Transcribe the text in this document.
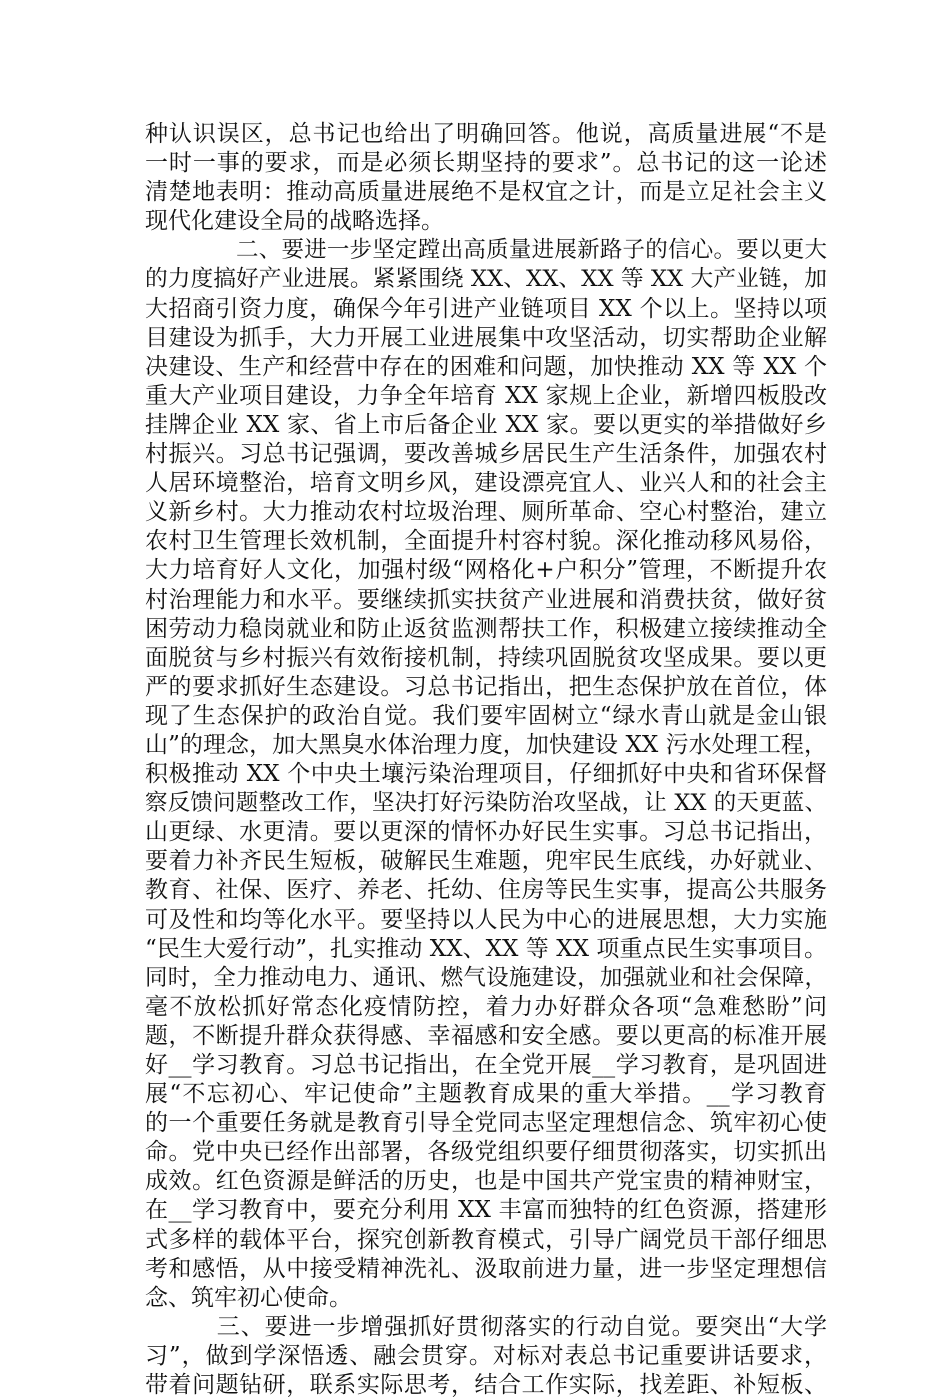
种认识误区，总书记也给出了明确回答。他说，高质量进展“不是
一时一事的要求，而是必须长期坚持的要求”。总书记的这一论述
清楚地表明：推动高质量进展绝不是权宜之计，而是立足社会主义
现代化建设全局的战略选择。
　　　　二、要进一步坚定蹚出高质量进展新路子的信心。要以更大
的力度搞好产业进展。紧紧围绕 XX、XX、XX 等 XX 大产业链，加
大招商引资力度，确保今年引进产业链项目 XX 个以上。坚持以项
目建设为抓手，大力开展工业进展集中攻坚活动，切实帮助企业解
决建设、生产和经营中存在的困难和问题，加快推动 XX 等 XX 个
重大产业项目建设，力争全年培育 XX 家规上企业，新增四板股改
挂牌企业 XX 家、省上市后备企业 XX 家。要以更实的举措做好乡
村振兴。习总书记强调，要改善城乡居民生产生活条件，加强农村
人居环境整治，培育文明乡风，建设漂亮宜人、业兴人和的社会主
义新乡村。大力推动农村垃圾治理、厕所革命、空心村整治，建立
农村卫生管理长效机制，全面提升村容村貌。深化推动移风易俗，
大力培育好人文化，加强村级“网格化+户积分”管理，不断提升农
村治理能力和水平。要继续抓实扶贫产业进展和消费扶贫，做好贫
困劳动力稳岗就业和防止返贫监测帮扶工作，积极建立接续推动全
面脱贫与乡村振兴有效衔接机制，持续巩固脱贫攻坚成果。要以更
严的要求抓好生态建设。习总书记指出，把生态保护放在首位，体
现了生态保护的政治自觉。我们要牢固树立“绿水青山就是金山银
山”的理念，加大黑臭水体治理力度，加快建设 XX 污水处理工程，
积极推动 XX 个中央土壤污染治理项目，仔细抓好中央和省环保督
察反馈问题整改工作，坚决打好污染防治攻坚战，让 XX 的天更蓝、
山更绿、水更清。要以更深的情怀办好民生实事。习总书记指出，
要着力补齐民生短板，破解民生难题，兜牢民生底线，办好就业、
教育、社保、医疗、养老、托幼、住房等民生实事，提高公共服务
可及性和均等化水平。要坚持以人民为中心的进展思想，大力实施
“民生大爱行动”，扎实推动 XX、XX 等 XX 项重点民生实事项目。
同时，全力推动电力、通讯、燃气设施建设，加强就业和社会保障，
毫不放松抓好常态化疫情防控，着力办好群众各项“急难愁盼”问
题，不断提升群众获得感、幸福感和安全感。要以更高的标准开展
好__学习教育。习总书记指出，在全党开展__学习教育，是巩固进
展“不忘初心、牢记使命”主题教育成果的重大举措。__学习教育
的一个重要任务就是教育引导全党同志坚定理想信念、筑牢初心使
命。党中央已经作出部署，各级党组织要仔细贯彻落实，切实抓出
成效。红色资源是鲜活的历史，也是中国共产党宝贵的精神财宝，
在__学习教育中，要充分利用 XX 丰富而独特的红色资源，搭建形
式多样的载体平台，探究创新教育模式，引导广阔党员干部仔细思
考和感悟，从中接受精神洗礼、汲取前进力量，进一步坚定理想信
念、筑牢初心使命。
　　　三、要进一步增强抓好贯彻落实的行动自觉。要突出“大学
习”，做到学深悟透、融会贯穿。对标对表总书记重要讲话要求，
带着问题钻研，联系实际思考，结合工作实际，找差距、补短板、
